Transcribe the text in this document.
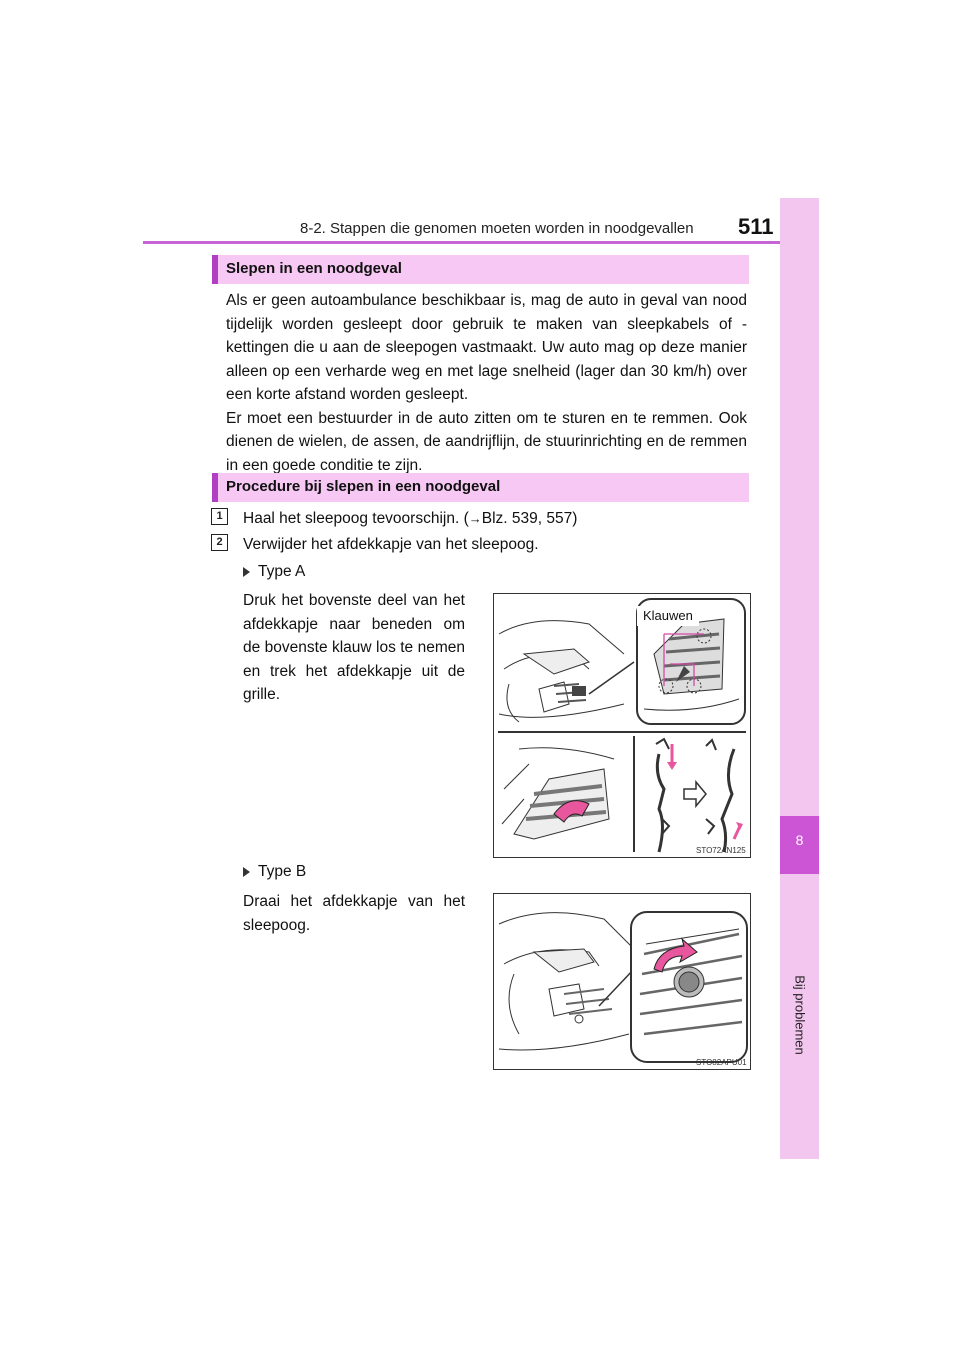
8-2. Stappen die genomen moeten worden in noodgevallen 511
8
Bij problemen
Slepen in een noodgeval

Als er geen autoambulance beschikbaar is, mag de auto in geval van nood tijdelijk worden gesleept door gebruik te maken van sleepkabels of -kettingen die u aan de sleepogen vastmaakt. Uw auto mag op deze manier alleen op een verharde weg en met lage snelheid (lager dan 30 km/h) over een korte afstand worden gesleept.

Er moet een bestuurder in de auto zitten om te sturen en te remmen. Ook dienen de wielen, de assen, de aandrijflijn, de stuurinrichting en de remmen in een goede conditie te zijn.

Procedure bij slepen in een noodgeval
1	Haal het sleepoog tevoorschijn. (→Blz. 539, 557)
2	Verwijder het afdekkapje van het sleepoog.
Type A
Druk het bovenste deel van het afdekkapje naar beneden om de bovenste klauw los te nemen en trek het afdekkapje uit de grille.
Klauwen
STO72AN125
Type B
Draai het afdekkapje van het sleepoog.
STO82APU01
